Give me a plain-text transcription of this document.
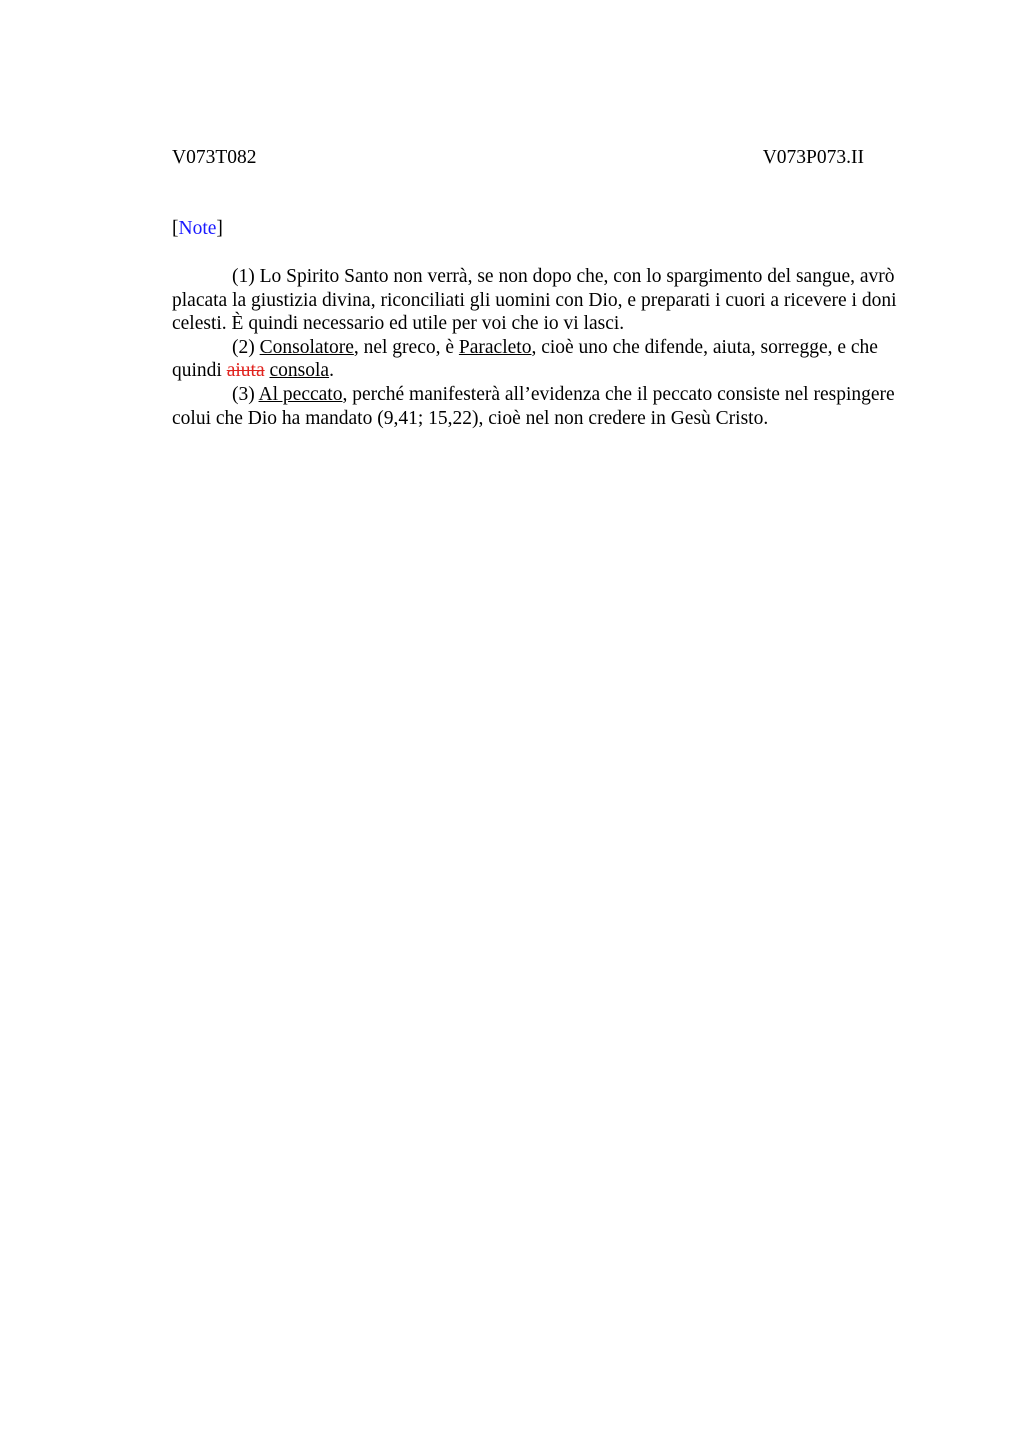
V073T082	V073P073.II
[Note]

(1) Lo Spirito Santo non verrà, se non dopo che, con lo spargimento del sangue, avrò placata la giustizia divina, riconciliati gli uomini con Dio, e preparati i cuori a ricevere i doni celesti. È quindi necessario ed utile per voi che io vi lasci.

(2) Consolatore, nel greco, è Paracleto, cioè uno che difende, aiuta, sorregge, e che quindi aiuta consola.

(3) Al peccato, perché manifesterà all’evidenza che il peccato consiste nel respingere colui che Dio ha mandato (9,41; 15,22), cioè nel non credere in Gesù Cristo.
